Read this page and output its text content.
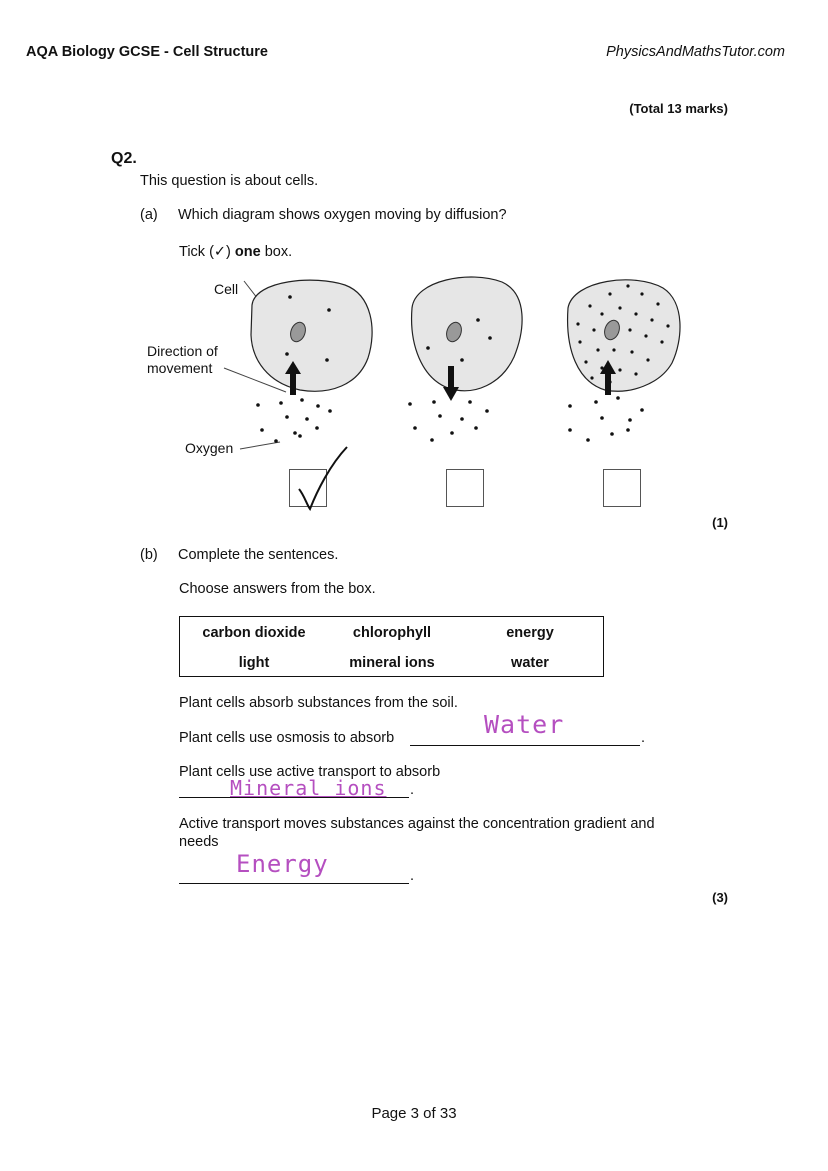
AQA Biology GCSE - Cell Structure	PhysicsAndMathsTutor.com
(Total 13 marks)
Q2.
This question is about cells.
(a) Which diagram shows oxygen moving by diffusion?
Tick (✓) one box.
Cell
Direction of
movement
Oxygen
(1)
(b) Complete the sentences.
Choose answers from the box.
carbon dioxide	chlorophyll	energy
light	mineral ions	water
Plant cells absorb substances from the soil.
Plant cells use osmosis to absorb	.
Water
Plant cells use active transport to absorb
Mineral ions .
Active transport moves substances against the concentration gradient and
needs
Energy	.
(3)
Page 3 of 33
